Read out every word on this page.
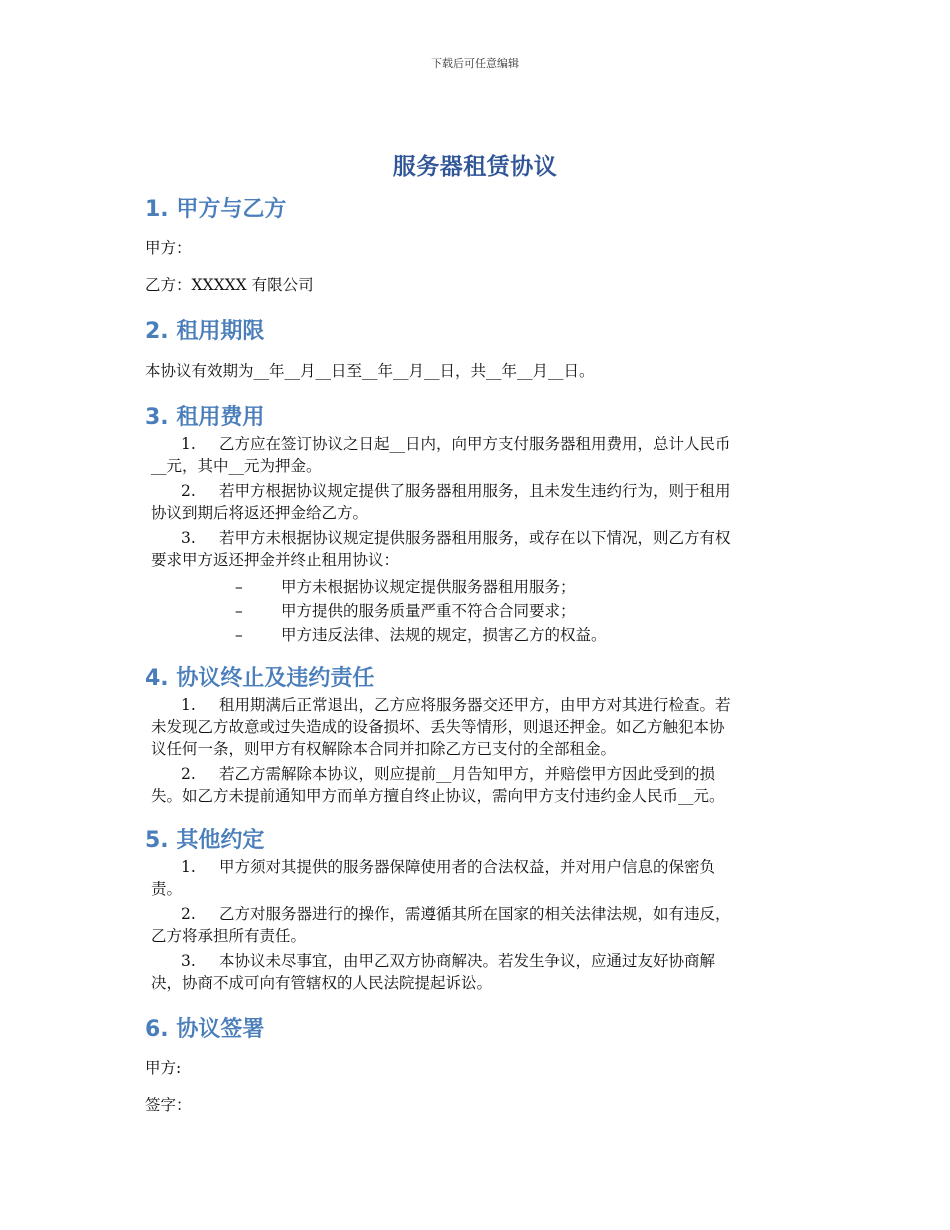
下载后可任意编辑
服务器租赁协议
1. 甲方与乙方
甲方：
乙方：XXXXX 有限公司
2. 租用期限
本协议有效期为__年__月__日至__年__月__日，共__年__月__日。
3. 租用费用
1. 乙方应在签订协议之日起__日内，向甲方支付服务器租用费用，总计人民币
__元，其中__元为押金。
2. 若甲方根据协议规定提供了服务器租用服务，且未发生违约行为，则于租用
协议到期后将返还押金给乙方。
3. 若甲方未根据协议规定提供服务器租用服务，或存在以下情况，则乙方有权
要求甲方返还押金并终止租用协议：
– 甲方未根据协议规定提供服务器租用服务；
– 甲方提供的服务质量严重不符合合同要求；
– 甲方违反法律、法规的规定，损害乙方的权益。
4. 协议终止及违约责任
1. 租用期满后正常退出，乙方应将服务器交还甲方，由甲方对其进行检查。若
未发现乙方故意或过失造成的设备损坏、丢失等情形，则退还押金。如乙方触犯本协
议任何一条，则甲方有权解除本合同并扣除乙方已支付的全部租金。
2. 若乙方需解除本协议，则应提前__月告知甲方，并赔偿甲方因此受到的损
失。如乙方未提前通知甲方而单方擅自终止协议，需向甲方支付违约金人民币__元。
5. 其他约定
1. 甲方须对其提供的服务器保障使用者的合法权益，并对用户信息的保密负
责。
2. 乙方对服务器进行的操作，需遵循其所在国家的相关法律法规，如有违反，
乙方将承担所有责任。
3. 本协议未尽事宜，由甲乙双方协商解决。若发生争议，应通过友好协商解
决，协商不成可向有管辖权的人民法院提起诉讼。
6. 协议签署
甲方:
签字：
